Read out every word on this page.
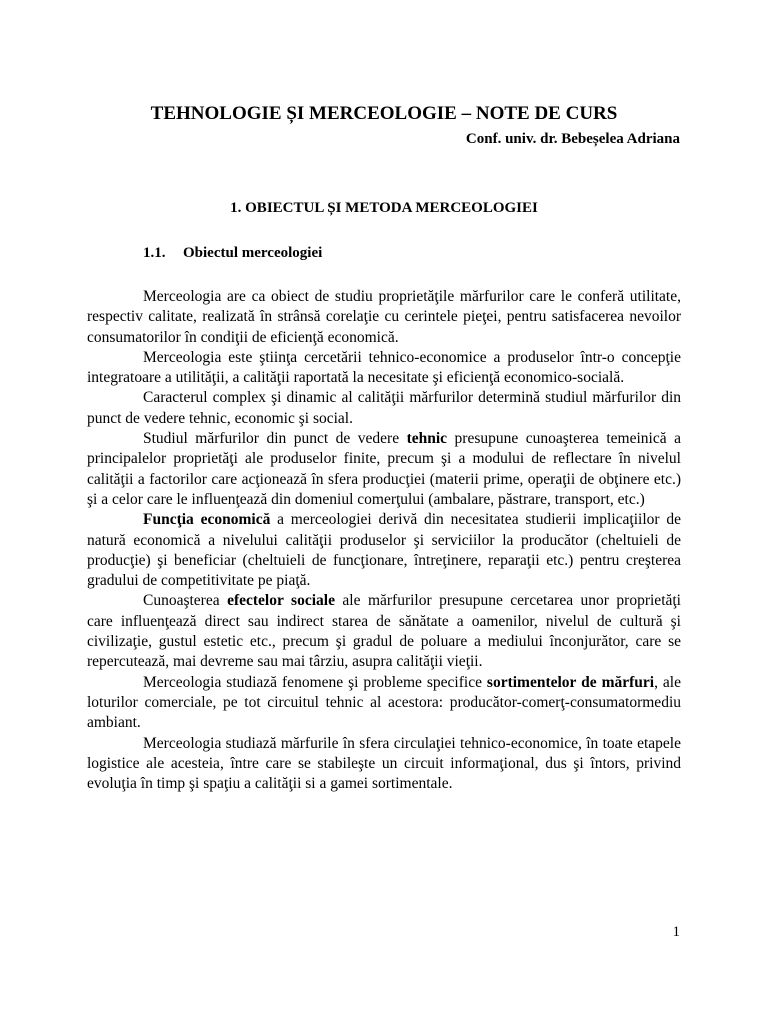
TEHNOLOGIE ȘI MERCEOLOGIE – NOTE DE CURS

Conf. univ. dr. Bebeșelea Adriana

1. OBIECTUL ȘI METODA MERCEOLOGIEI
1.1. Obiectul merceologiei

Merceologia are ca obiect de studiu proprietăţile mărfurilor care le conferă utilitate, respectiv calitate, realizată în strânsă corelaţie cu cerintele pieţei, pentru satisfacerea nevoilor consumatorilor în condiţii de eficienţă economică.

Merceologia este ştiinţa cercetării tehnico-economice a produselor într-o concepţie integratoare a utilităţii, a calităţii raportată la necesitate şi eficienţă economico-socială.

Caracterul complex şi dinamic al calităţii mărfurilor determină studiul mărfurilor din punct de vedere tehnic, economic şi social.

Studiul mărfurilor din punct de vedere tehnic presupune cunoaşterea temeinică a principalelor proprietăţi ale produselor finite, precum şi a modului de reflectare în nivelul calităţii a factorilor care acţionează în sfera producţiei (materii prime, operaţii de obţinere etc.) şi a celor care le influenţează din domeniul comerţului (ambalare, păstrare, transport, etc.)

Funcţia economică a merceologiei derivă din necesitatea studierii implicaţiilor de natură economică a nivelului calităţii produselor şi serviciilor la producător (cheltuieli de producţie) şi beneficiar (cheltuieli de funcţionare, întreţinere, reparaţii etc.) pentru creşterea gradului de competitivitate pe piaţă.

Cunoaşterea efectelor sociale ale mărfurilor presupune cercetarea unor proprietăţi care influenţează direct sau indirect starea de sănătate a oamenilor, nivelul de cultură şi civilizaţie, gustul estetic etc., precum şi gradul de poluare a mediului înconjurător, care se repercutează, mai devreme sau mai târziu, asupra calităţii vieţii.

Merceologia studiază fenomene şi probleme specifice sortimentelor de mărfuri, ale loturilor comerciale, pe tot circuitul tehnic al acestora: producător-comerţ-consumatormediu ambiant.

Merceologia studiază mărfurile în sfera circulaţiei tehnico-economice, în toate etapele logistice ale acesteia, între care se stabileşte un circuit informaţional, dus şi întors, privind evoluţia în timp şi spaţiu a calităţii si a gamei sortimentale.

1
